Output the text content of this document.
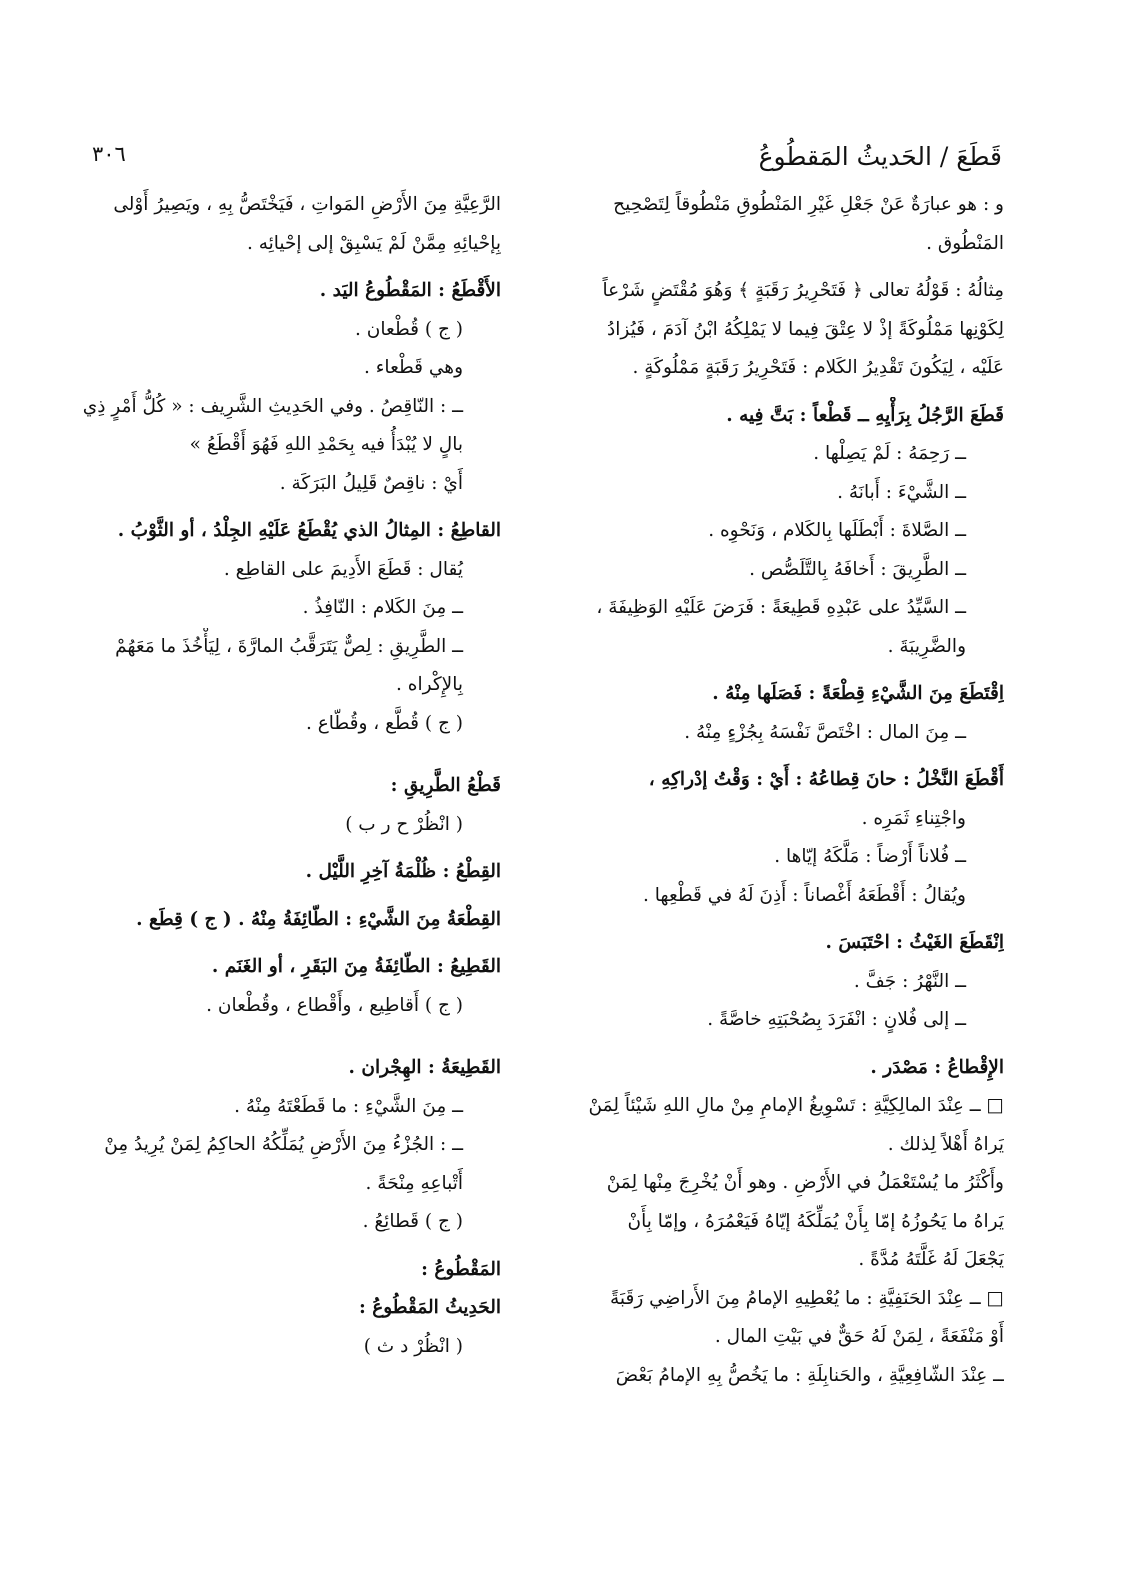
٣٠٦	قَطَعَ / الحَديثُ المَقطُوعُ
و : هو عبارَةٌ عَنْ جَعْلِ غَيْرِ المَنْطُوقِ مَنْطُوقاً لِتَصْحِيح
المَنْطُوق .
مِثالُهُ : قَوْلُهُ تعالى ﴿ فَتَحْرِيرُ رَقَبَةٍ ﴾ وَهُوَ مُقْتَضٍ شَرْعاً
لِكَوْنِها مَمْلُوكَةً إذْ لا عِتْقَ فِيما لا يَمْلِكُهُ ابْنُ آدَمَ ، فَيُزادُ
عَلَيْه ، لِيَكُونَ تَقْدِيرُ الكَلام : فَتَحْرِيرُ رَقَبَةٍ مَمْلُوكَةٍ .
قَطَعَ الرَّجُلُ بِرَأْيِهِ ــ قَطْعاً : بَتَّ فِيه .
ــ رَحِمَهُ : لَمْ يَصِلْها .
ــ الشَّيْءَ : أَبانَهُ .
ــ الصَّلاةَ : أَبْطَلَها بِالكَلام ، وَنَحْوِه .
ــ الطَّرِيقَ : أَخافَهُ بِالتَّلَصُّص .
ــ السَّيِّدُ على عَبْدِهِ قَطِيعَةً : فَرَضَ عَلَيْهِ الوَظِيفَةَ ،
والضَّرِيبَةَ .
اِقْتَطَعَ مِنَ الشَّيْءِ قِطْعَةً : فَصَلَها مِنْهُ .
ــ مِنَ المال : اخْتَصَّ نَفْسَهُ بِجُزْءٍ مِنْهُ .
أَقْطَعَ النَّخْلُ : حانَ قِطاعُهُ : أَيْ : وَقْتُ إدْراكِهِ ،
واجْتِناءِ ثَمَرِه .
ــ فُلاناً أَرْضاً : مَلَّكَهُ إيّاها .
ويُقالُ : أَقْطَعَهُ أَغْصاناً : أَذِنَ لَهُ في قَطْعِها .
اِنْقَطَعَ الغَيْثُ : احْتَبَسَ .
ــ النَّهْرُ : جَفَّ .
ــ إلى فُلانٍ : انْفَرَدَ بِصُحْبَتِهِ خاصَّةً .
الإِقْطاعُ : مَصْدَر .
□ ــ عِنْدَ المالِكِيَّةِ : تَسْوِيغُ الإمامِ مِنْ مالِ اللهِ شَيْئاً لِمَنْ
يَراهُ أَهْلاً لِذلك .
وأَكْثَرُ ما يُسْتَعْمَلُ في الأَرْضِ . وهو أَنْ يُخْرِجَ مِنْها لِمَنْ
يَراهُ ما يَحُوزُهُ إمّا بِأَنْ يُمَلِّكَهُ إيّاهُ فَيَعْمُرَهُ ، وإمّا بِأَنْ
يَجْعَلَ لَهُ غَلَّتَهُ مُدَّةً .
□ ــ عِنْدَ الحَنَفِيَّةِ : ما يُعْطِيهِ الإمامُ مِنَ الأَراضِي رَقَبَةً
أَوْ مَنْفَعَةً ، لِمَنْ لَهُ حَقٌّ في بَيْتِ المال .
ــ عِنْدَ الشّافِعِيَّةِ ، والحَنابِلَةِ : ما يَخُصُّ بِهِ الإمامُ بَعْضَ
الرَّعِيَّةِ مِنَ الأَرْضِ المَواتِ ، فَيَخْتَصُّ بِهِ ، ويَصِيرُ أَوْلى
بِإحْيائِهِ مِمَّنْ لَمْ يَسْبِقْ إلى إحْيائِه .
الأَقْطَعُ : المَقْطُوعُ اليَد .
( ج ) قُطْعان .
وهي قَطْعاء .
ــ : النّاقِصُ . وفي الحَدِيثِ الشَّرِيف : « كُلُّ أَمْرٍ ذِي
بالٍ لا يُبْدَأُ فيه بِحَمْدِ اللهِ فَهُوَ أَقْطَعُ »
أَيْ : ناقِصٌ قَلِيلُ البَرَكَة .
القاطِعُ : المِثالُ الذي يُقْطَعُ عَلَيْهِ الجِلْدُ ، أو الثَّوْبُ .
يُقال : قَطَعَ الأَدِيمَ على القاطِع .
ــ مِنَ الكَلام : النّافِذُ .
ــ الطَّرِيقِ : لِصٌّ يَتَرَقَّبُ المارَّةَ ، لِيَأْخُذَ ما مَعَهُمْ
بِالإِكْراه .
( ج ) قُطَّع ، وقُطّاع .
قَطْعُ الطَّرِيقِ :
( انْظُرْ ح ر ب )
القِطْعُ : ظُلْمَةُ آخِرِ اللَّيْل .
القِطْعَةُ مِنَ الشَّيْءِ : الطّائِفَةُ مِنْهُ . ( ج ) قِطَع .
القَطِيعُ : الطّائِفَةُ مِنَ البَقَرِ ، أو الغَنَم .
( ج ) أَقاطِيع ، وأَقْطاع ، وقُطْعان .
القَطِيعَةُ : الهِجْران .
ــ مِنَ الشَّيْءِ : ما قَطَعْتَهُ مِنْهُ .
ــ : الجُزْءُ مِنَ الأَرْضِ يُمَلِّكُهُ الحاكِمُ لِمَنْ يُرِيدُ مِنْ
أَتْباعِهِ مِنْحَةً .
( ج ) قَطائِعُ .
المَقْطُوعُ :
الحَدِيثُ المَقْطُوعُ :
( انْظُرْ د ث )
